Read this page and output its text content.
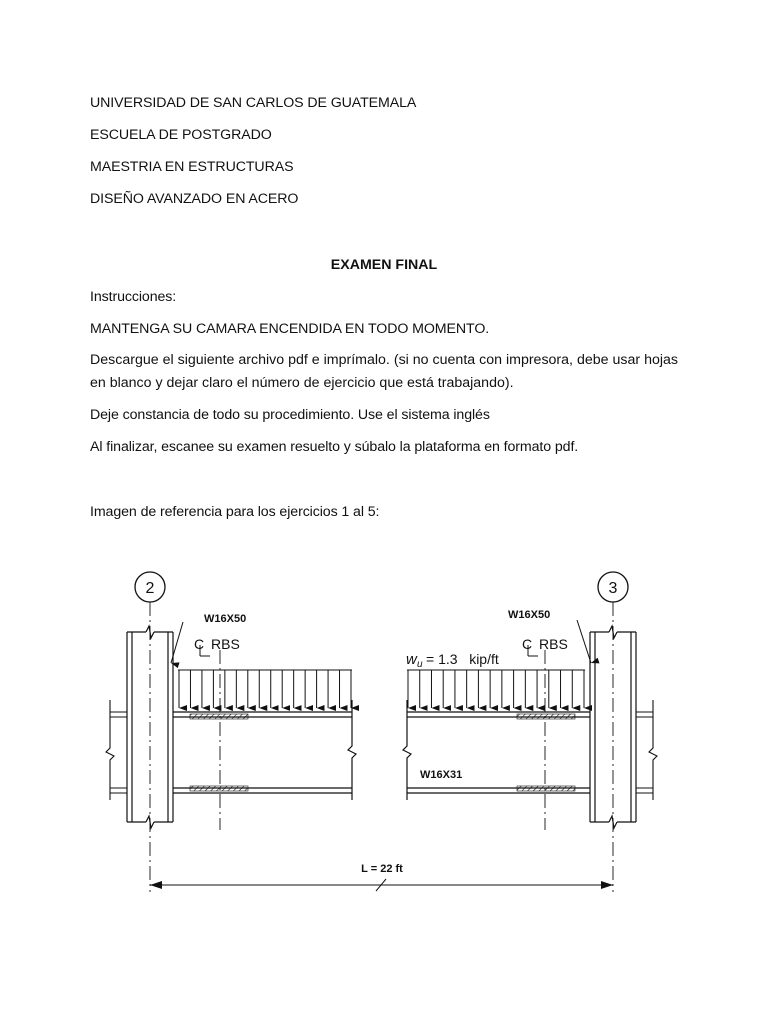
UNIVERSIDAD DE SAN CARLOS DE GUATEMALA
ESCUELA DE POSTGRADO
MAESTRIA EN ESTRUCTURAS
DISEÑO AVANZADO EN ACERO
EXAMEN FINAL
Instrucciones:
MANTENGA SU CAMARA ENCENDIDA EN TODO MOMENTO.
Descargue el siguiente archivo pdf e imprímalo. (si no cuenta con impresora, debe usar hojas en blanco y dejar claro el número de ejercicio que está trabajando).
Deje constancia de todo su procedimiento. Use el sistema inglés
Al finalizar, escanee su examen resuelto y súbalo la plataforma en formato pdf.
Imagen de referencia para los ejercicios 1 al 5:
2	3
W16X50	W16X50
C RBS	C RBS
w u = 1.3   kip/ft
W16X31
L = 22 ft
